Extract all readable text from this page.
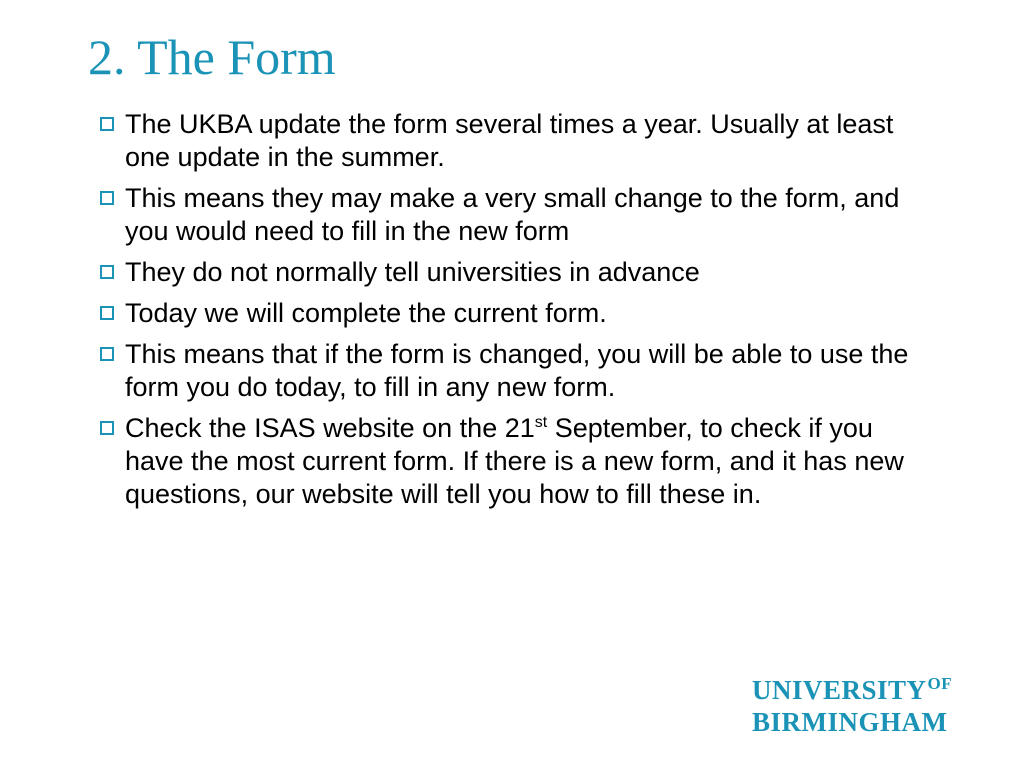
2. The Form
The UKBA update the form several times a year. Usually at least one update in the summer.
This means they may make a very small change to the form, and you would need to fill in the new form
They do not normally tell universities in advance
Today we will complete the current form.
This means that if the form is changed, you will be able to use the form you do today, to fill in any new form.
Check the ISAS website on the 21st September, to check if you have the most current form. If there is a new form, and it has new questions, our website will tell you how to fill these in.
$UNIVERSITY^{OF}$
BIRMINGHAM
